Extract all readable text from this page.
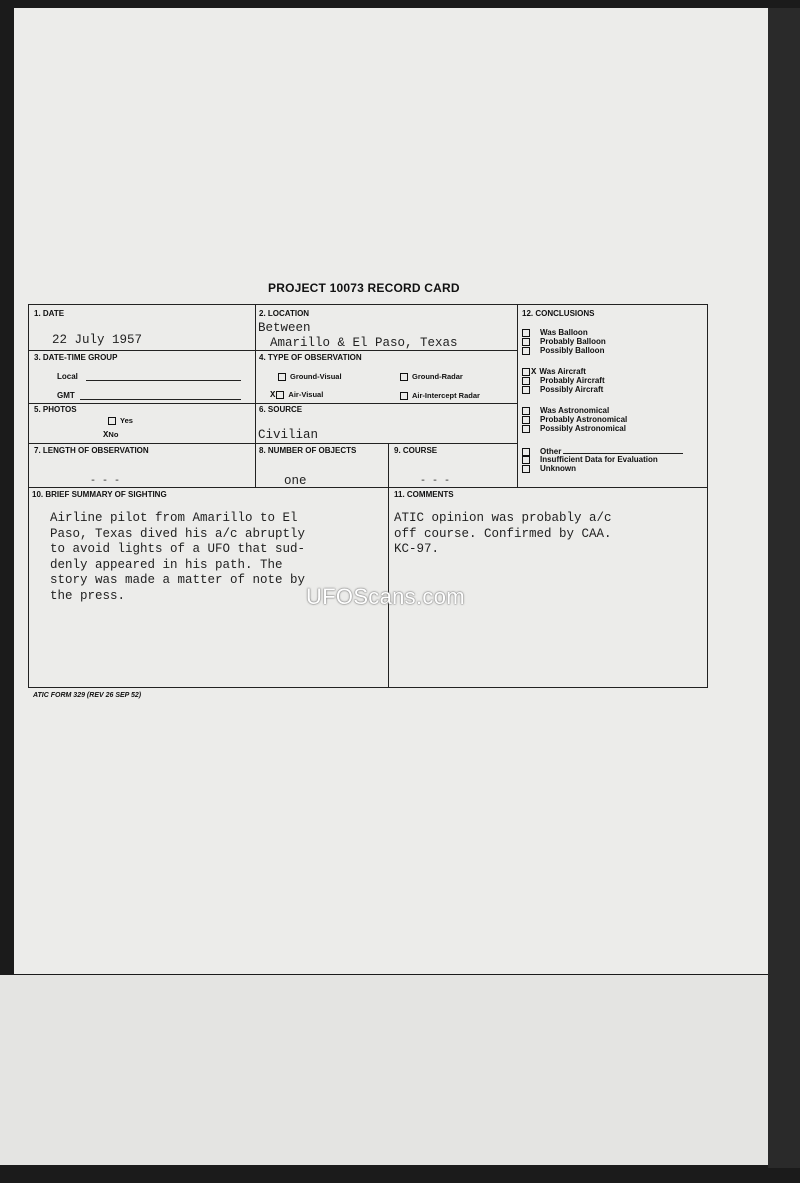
PROJECT 10073 RECORD CARD
1. DATE
22 July 1957
2. LOCATION
Between
Amarillo & El Paso, Texas
3. DATE-TIME GROUP
Local
GMT
4. TYPE OF OBSERVATION
Ground-Visual	Ground-Radar
X Air-Visual	Air-Intercept Radar
5. PHOTOS
Yes
XNo
6. SOURCE
Civilian
7. LENGTH OF OBSERVATION
- - -
8. NUMBER OF OBJECTS
one
9. COURSE
- - -
12. CONCLUSIONS
Was Balloon
Probably Balloon
Possibly Balloon
X Was Aircraft
Probably Aircraft
Possibly Aircraft
Was Astronomical
Probably Astronomical
Possibly Astronomical
Other
Insufficient Data for Evaluation
Unknown
10. BRIEF SUMMARY OF SIGHTING
Airline pilot from Amarillo to El
Paso, Texas dived his a/c abruptly
to avoid lights of a UFO that sud-
denly appeared in his path. The
story was made a matter of note by
the press.
11. COMMENTS
ATIC opinion was probably a/c
off course. Confirmed by CAA.
KC-97.
ATIC FORM 329 (REV 26 SEP 52)
UFOScans.com
